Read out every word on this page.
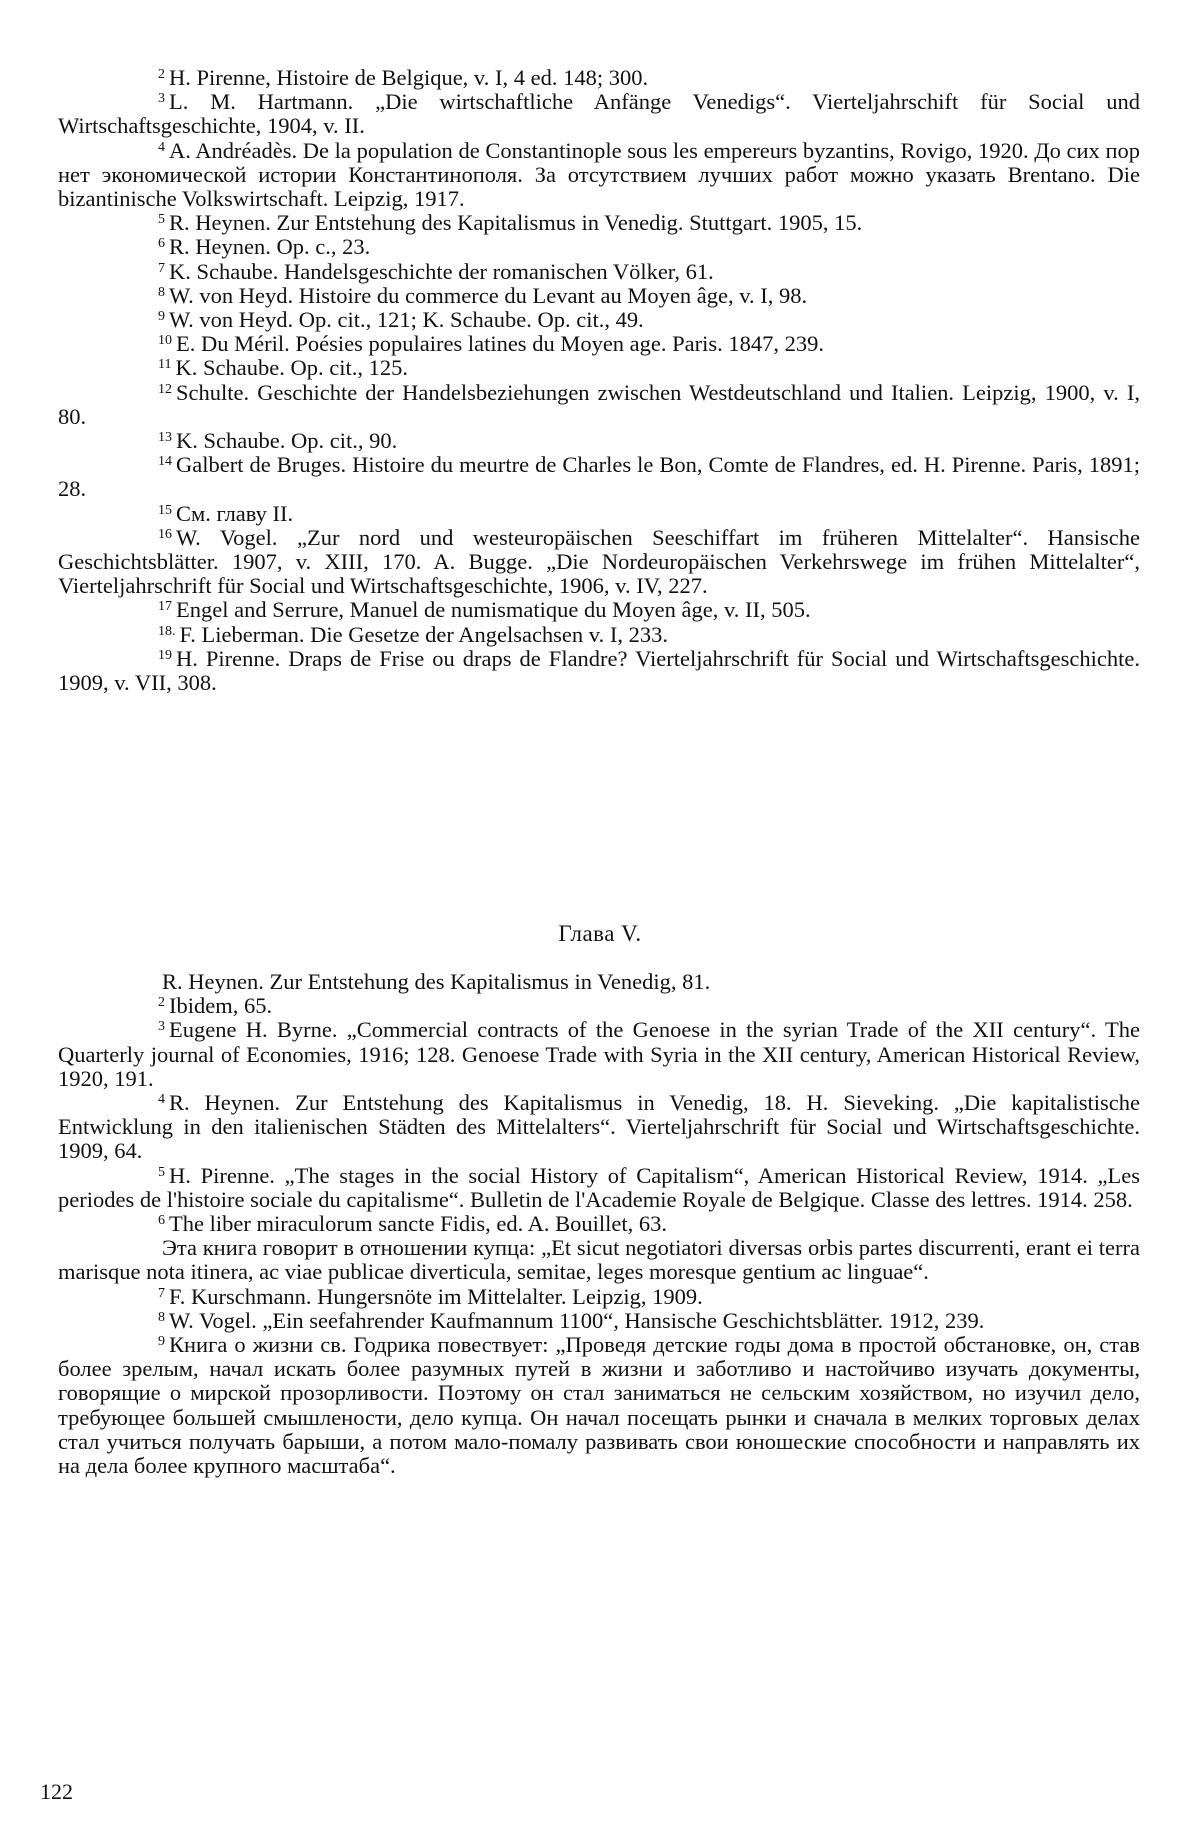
2 H. Pirenne, Histoire de Belgique, v. I, 4 ed. 148; 300.

3 L. M. Hartmann. „Die wirtschaftliche Anfänge Venedigs“. Vierteljahrschift für Social und Wirtschaftsgeschichte, 1904, v. II.

4 A. Andréadès. De la population de Constantinople sous les empereurs byzantins, Rovigo, 1920. До сих пор нет экономической истории Константинополя. За отсутствием лучших работ можно указать Brentano. Die bizantinische Volkswirtschaft. Leipzig, 1917.

5 R. Heynen. Zur Entstehung des Kapitalismus in Venedig. Stuttgart. 1905, 15.

6 R. Heynen. Op. c., 23.

7 K. Schaube. Handelsgeschichte der romanischen Völker, 61.

8 W. von Heyd. Histoire du commerce du Levant au Moyen âge, v. I, 98.

9 W. von Heyd. Op. cit., 121; K. Schaube. Op. cit., 49.

10 E. Du Méril. Poésies populaires latines du Moyen age. Paris. 1847, 239.

11 K. Schaube. Op. cit., 125.

12 Schulte. Geschichte der Handelsbeziehungen zwischen Westdeutschland und Italien. Leipzig, 1900, v. I, 80.

13 K. Schaube. Op. cit., 90.

14 Galbert de Bruges. Histoire du meurtre de Charles le Bon, Comte de Flandres, ed. H. Pirenne. Paris, 1891; 28.

15 См. главу II.

16 W. Vogel. „Zur nord und westeuropäischen Seeschiffart im früheren Mittelalter“. Hansische Geschichtsblätter. 1907, v. XIII, 170. A. Bugge. „Die Nordeuropäischen Verkehrswege im frühen Mittelalter“, Vierteljahrschrift für Social und Wirtschaftsgeschichte, 1906, v. IV, 227.

17 Engel and Serrure, Manuel de numismatique du Moyen âge, v. II, 505.

18. F. Lieberman. Die Gesetze der Angelsachsen v. I, 233.

19 H. Pirenne. Draps de Frise ou draps de Flandre? Vierteljahrschrift für Social und Wirtschaftsgeschichte. 1909, v. VII, 308.

Глава V.

R. Heynen. Zur Entstehung des Kapitalismus in Venedig, 81.

2 Ibidem, 65.

3 Eugene H. Byrne. „Commercial contracts of the Genoese in the syrian Trade of the XII century“. The Quarterly journal of Economies, 1916; 128. Genoese Trade with Syria in the XII century, American Historical Review, 1920, 191.

4 R. Heynen. Zur Entstehung des Kapitalismus in Venedig, 18. H. Sieveking. „Die kapitalistische Entwicklung in den italienischen Städten des Mittelalters“. Vierteljahrschrift für Social und Wirtschaftsgeschichte. 1909, 64.

5 H. Pirenne. „The stages in the social History of Capitalism“, American Historical Review, 1914. „Les periodes de l'histoire sociale du capitalisme“. Bulletin de l'Academie Royale de Belgique. Classe des lettres. 1914. 258.

6 The liber miraculorum sancte Fidis, ed. A. Bouillet, 63.

Эта книга говорит в отношении купца: „Et sicut negotiatori diversas orbis partes discurrenti, erant ei terra marisque nota itinera, ac viae publicae diverticula, semitae, leges moresque gentium ac linguae“.

7 F. Kurschmann. Hungersnöte im Mittelalter. Leipzig, 1909.

8 W. Vogel. „Ein seefahrender Kaufmannum 1100“, Hansische Geschichtsblätter. 1912, 239.

9 Книга о жизни св. Годрика повествует: „Проведя детские годы дома в простой обстановке, он, став более зрелым, начал искать более разумных путей в жизни и заботливо и настойчиво изучать документы, говорящие о мирской прозорливости. Поэтому он стал заниматься не сельским хозяйством, но изучил дело, требующее большей смышлености, дело купца. Он начал посещать рынки и сначала в мелких торговых делах стал учиться получать барыши, а потом мало-помалу развивать свои юношеские способности и направлять их на дела более крупного масштаба“.

122
